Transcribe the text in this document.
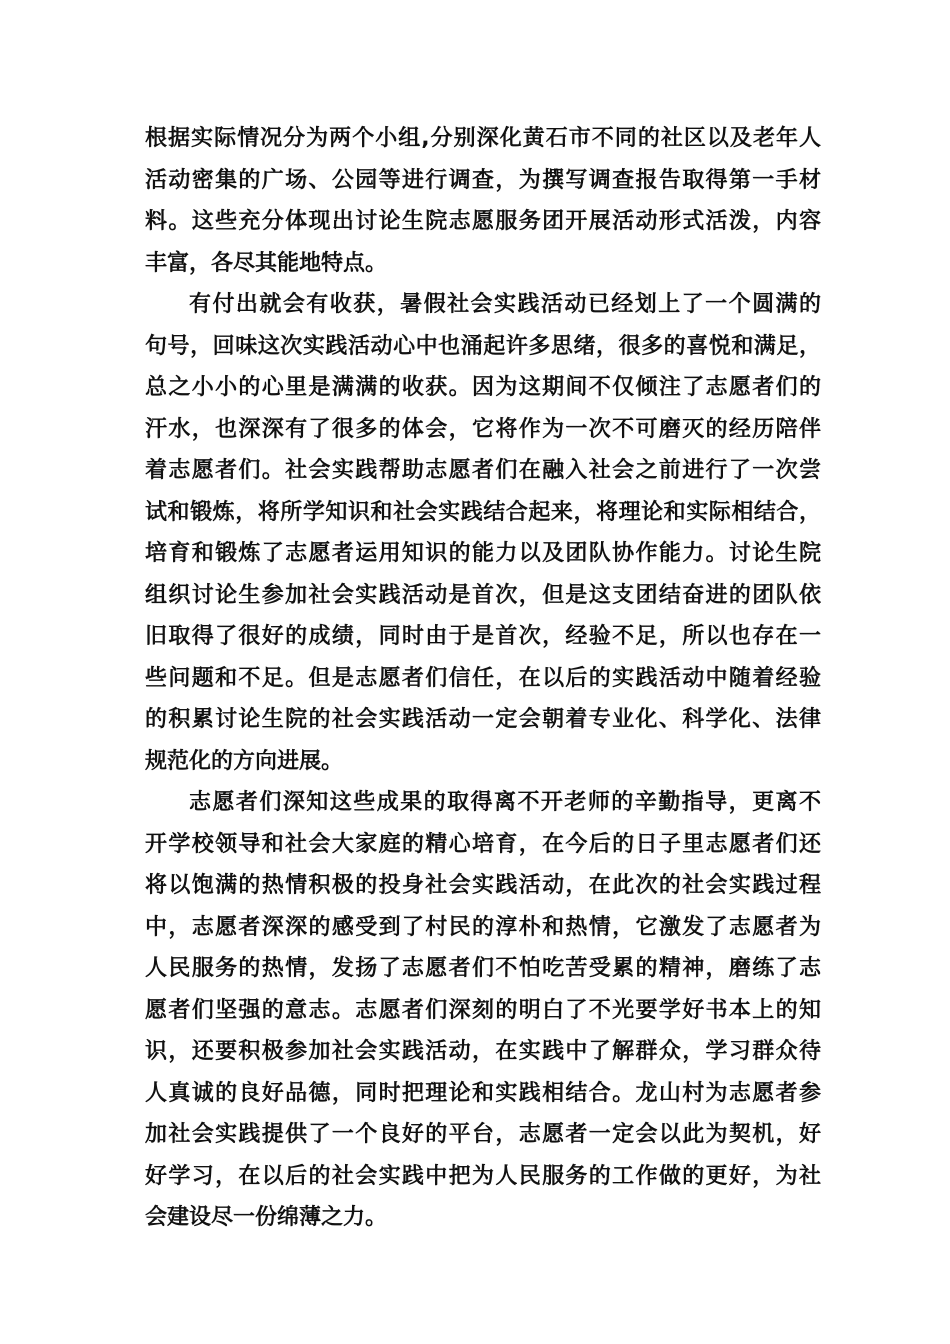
根据实际情况分为两个小组,分别深化黄石市不同的社区以及老年人
活动密集的广场、公园等进行调查，为撰写调查报告取得第一手材
料。这些充分体现出讨论生院志愿服务团开展活动形式活泼，内容
丰富，各尽其能地特点。
有付出就会有收获，暑假社会实践活动已经划上了一个圆满的
句号，回味这次实践活动心中也涌起许多思绪，很多的喜悦和满足，
总之小小的心里是满满的收获。因为这期间不仅倾注了志愿者们的
汗水，也深深有了很多的体会，它将作为一次不可磨灭的经历陪伴
着志愿者们。社会实践帮助志愿者们在融入社会之前进行了一次尝
试和锻炼，将所学知识和社会实践结合起来，将理论和实际相结合，
培育和锻炼了志愿者运用知识的能力以及团队协作能力。讨论生院
组织讨论生参加社会实践活动是首次，但是这支团结奋进的团队依
旧取得了很好的成绩，同时由于是首次，经验不足，所以也存在一
些问题和不足。但是志愿者们信任，在以后的实践活动中随着经验
的积累讨论生院的社会实践活动一定会朝着专业化、科学化、法律
规范化的方向进展。
志愿者们深知这些成果的取得离不开老师的辛勤指导，更离不
开学校领导和社会大家庭的精心培育，在今后的日子里志愿者们还
将以饱满的热情积极的投身社会实践活动，在此次的社会实践过程
中，志愿者深深的感受到了村民的淳朴和热情，它激发了志愿者为
人民服务的热情，发扬了志愿者们不怕吃苦受累的精神，磨练了志
愿者们坚强的意志。志愿者们深刻的明白了不光要学好书本上的知
识，还要积极参加社会实践活动，在实践中了解群众，学习群众待
人真诚的良好品德，同时把理论和实践相结合。龙山村为志愿者参
加社会实践提供了一个良好的平台，志愿者一定会以此为契机，好
好学习，在以后的社会实践中把为人民服务的工作做的更好，为社
会建设尽一份绵薄之力。
